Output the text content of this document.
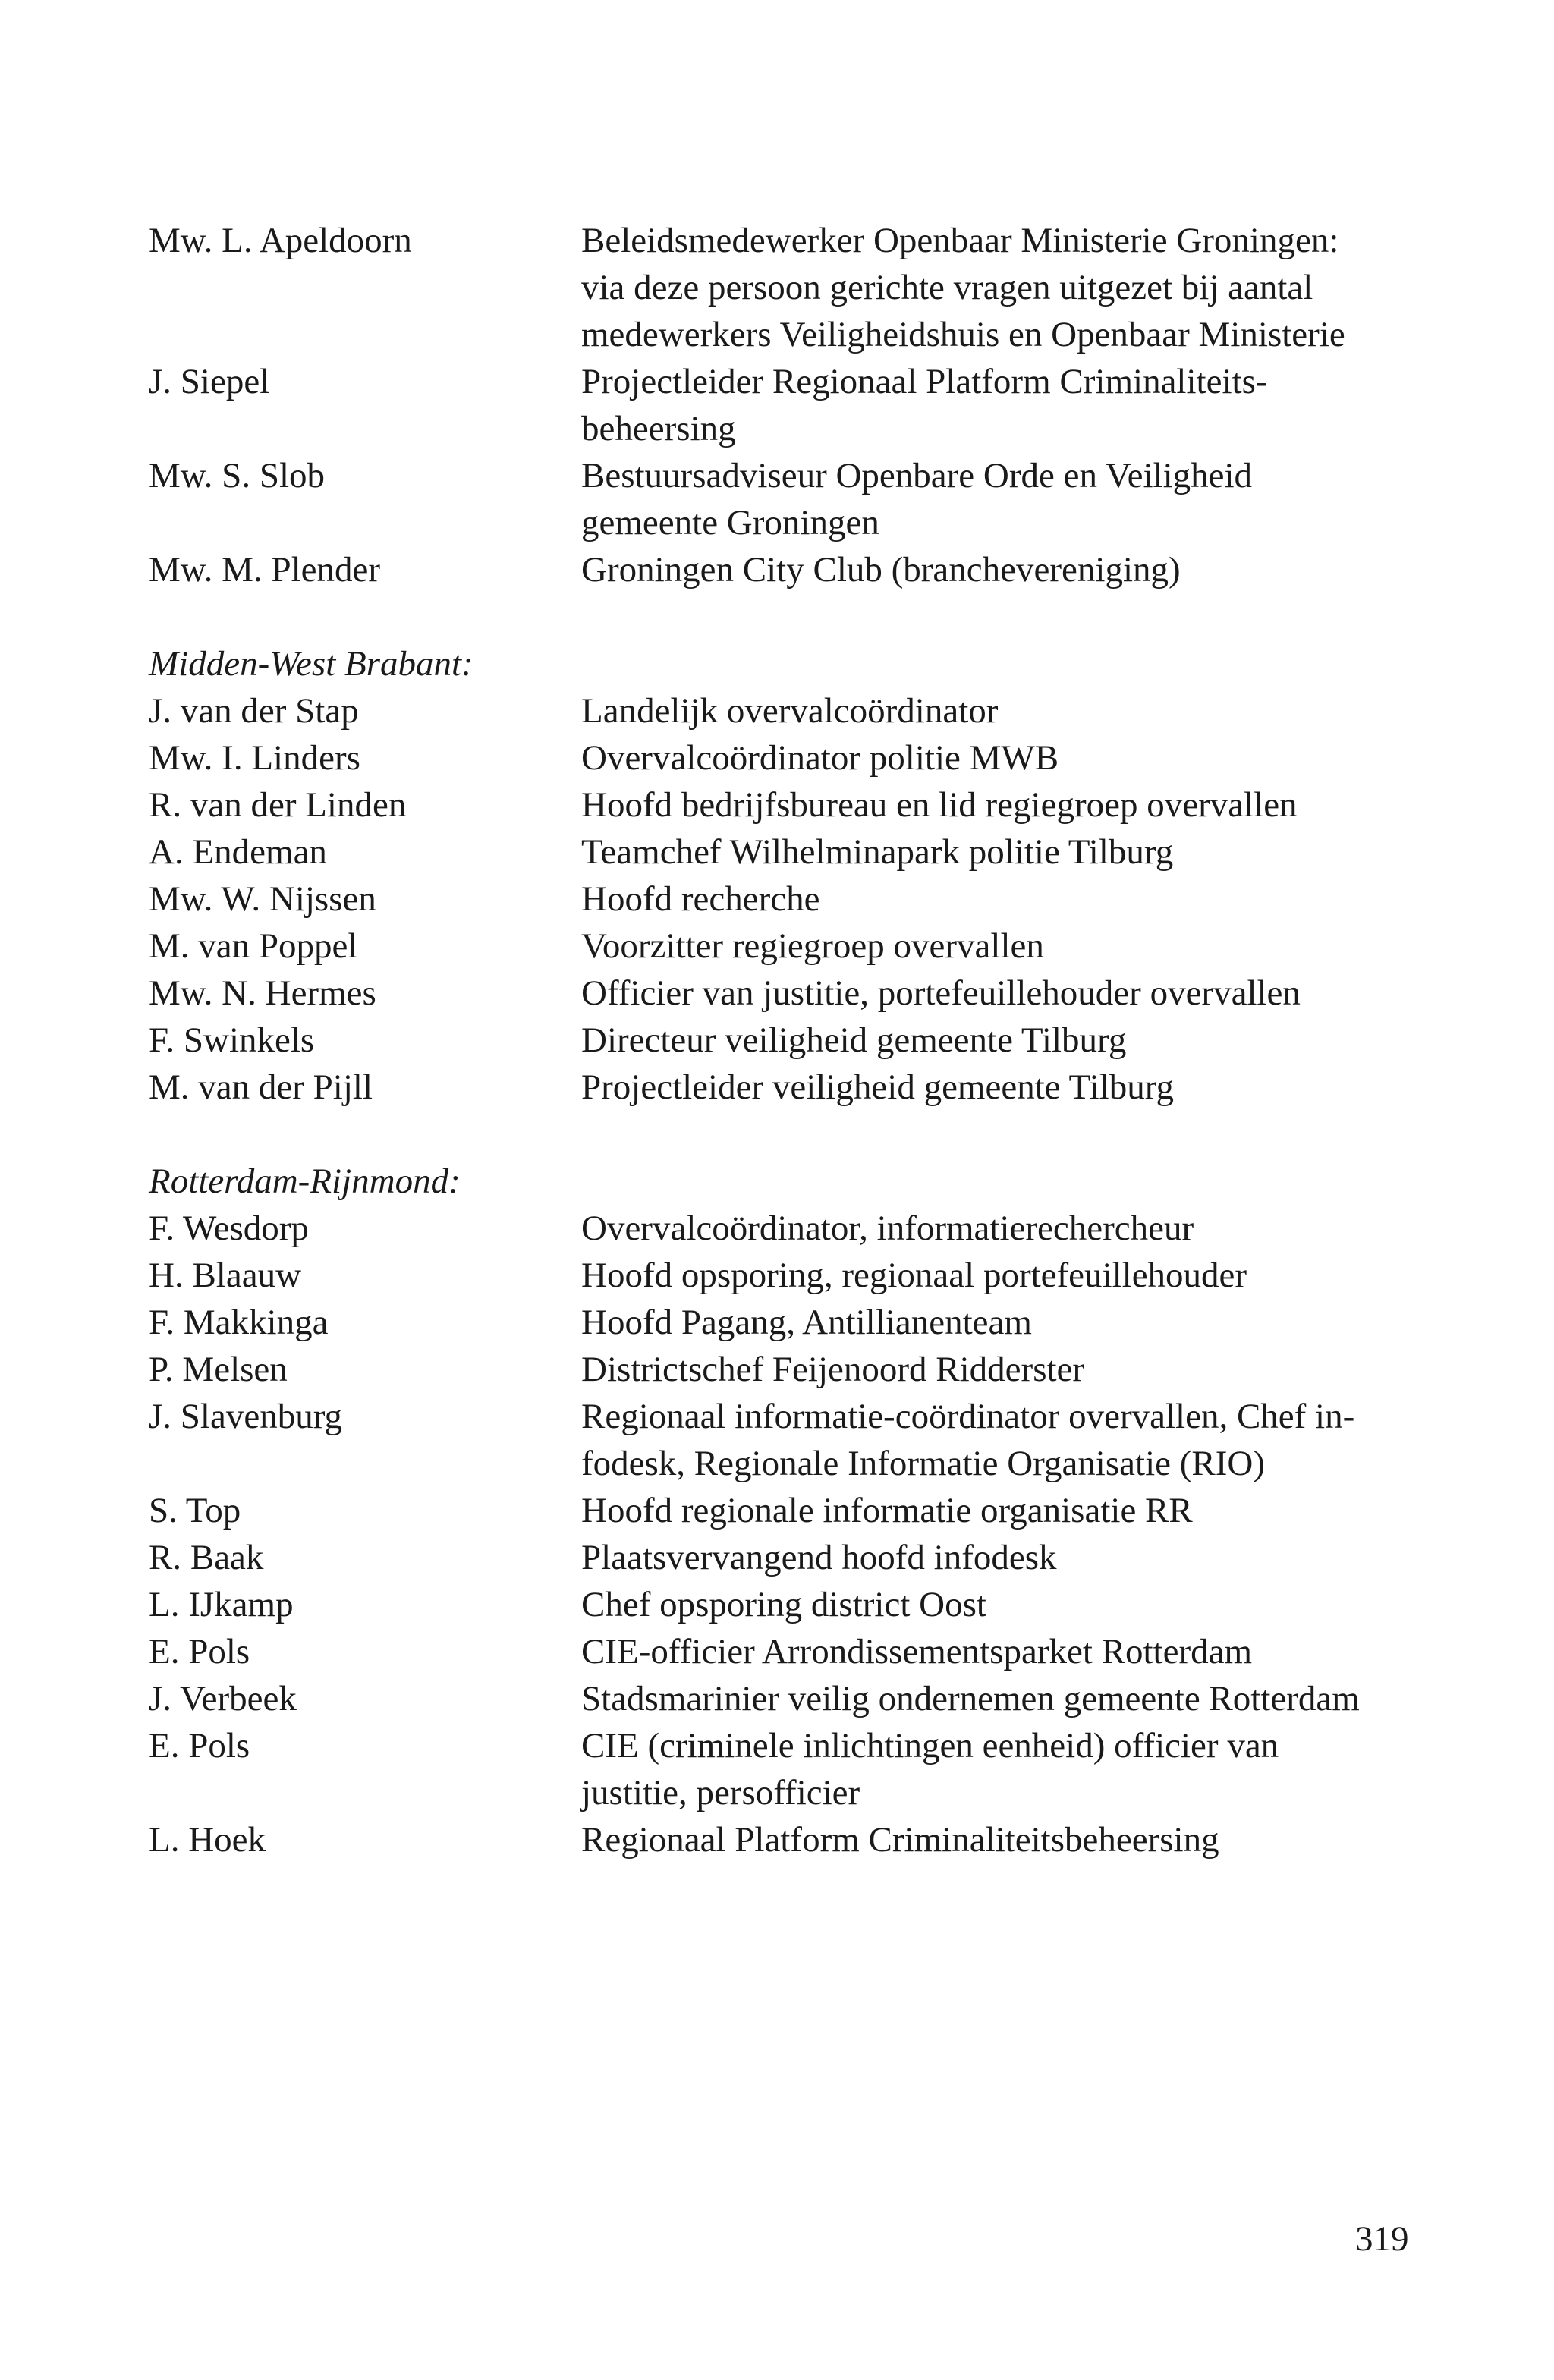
Mw. L. Apeldoorn	Beleidsmedewerker Openbaar Ministerie Groningen:
via deze persoon gerichte vragen uitgezet bij aantal
medewerkers Veiligheidshuis en Openbaar Ministerie
J. Siepel	Projectleider Regionaal Platform Criminaliteits-
beheersing
Mw. S. Slob	Bestuursadviseur Openbare Orde en Veiligheid
gemeente Groningen
Mw. M. Plender	Groningen City Club (branchevereniging)
Midden-West Brabant:
J. van der Stap	Landelijk overvalcoördinator
Mw. I. Linders	Overvalcoördinator politie MWB
R. van der Linden	Hoofd bedrijfsbureau en lid regiegroep overvallen
A. Endeman	Teamchef Wilhelminapark politie Tilburg
Mw. W. Nijssen	Hoofd recherche
M. van Poppel	Voorzitter regiegroep overvallen
Mw. N. Hermes	Officier van justitie, portefeuillehouder overvallen
F. Swinkels	Directeur veiligheid gemeente Tilburg
M. van der Pijll	Projectleider veiligheid gemeente Tilburg
Rotterdam-Rijnmond:
F. Wesdorp	Overvalcoördinator, informatierechercheur
H. Blaauw	Hoofd opsporing, regionaal portefeuillehouder
F. Makkinga	Hoofd Pagang, Antillianenteam
P. Melsen	Districtschef Feijenoord Ridderster
J. Slavenburg	Regionaal informatie-coördinator overvallen, Chef in-
fodesk, Regionale Informatie Organisatie (RIO)
S. Top	Hoofd regionale informatie organisatie RR
R. Baak	Plaatsvervangend hoofd infodesk
L. IJkamp	Chef opsporing district Oost
E. Pols	CIE-officier Arrondissementsparket Rotterdam
J. Verbeek	Stadsmarinier veilig ondernemen gemeente Rotterdam
E. Pols	CIE (criminele inlichtingen eenheid) officier van
justitie, persofficier
L. Hoek	Regionaal Platform Criminaliteitsbeheersing
319
